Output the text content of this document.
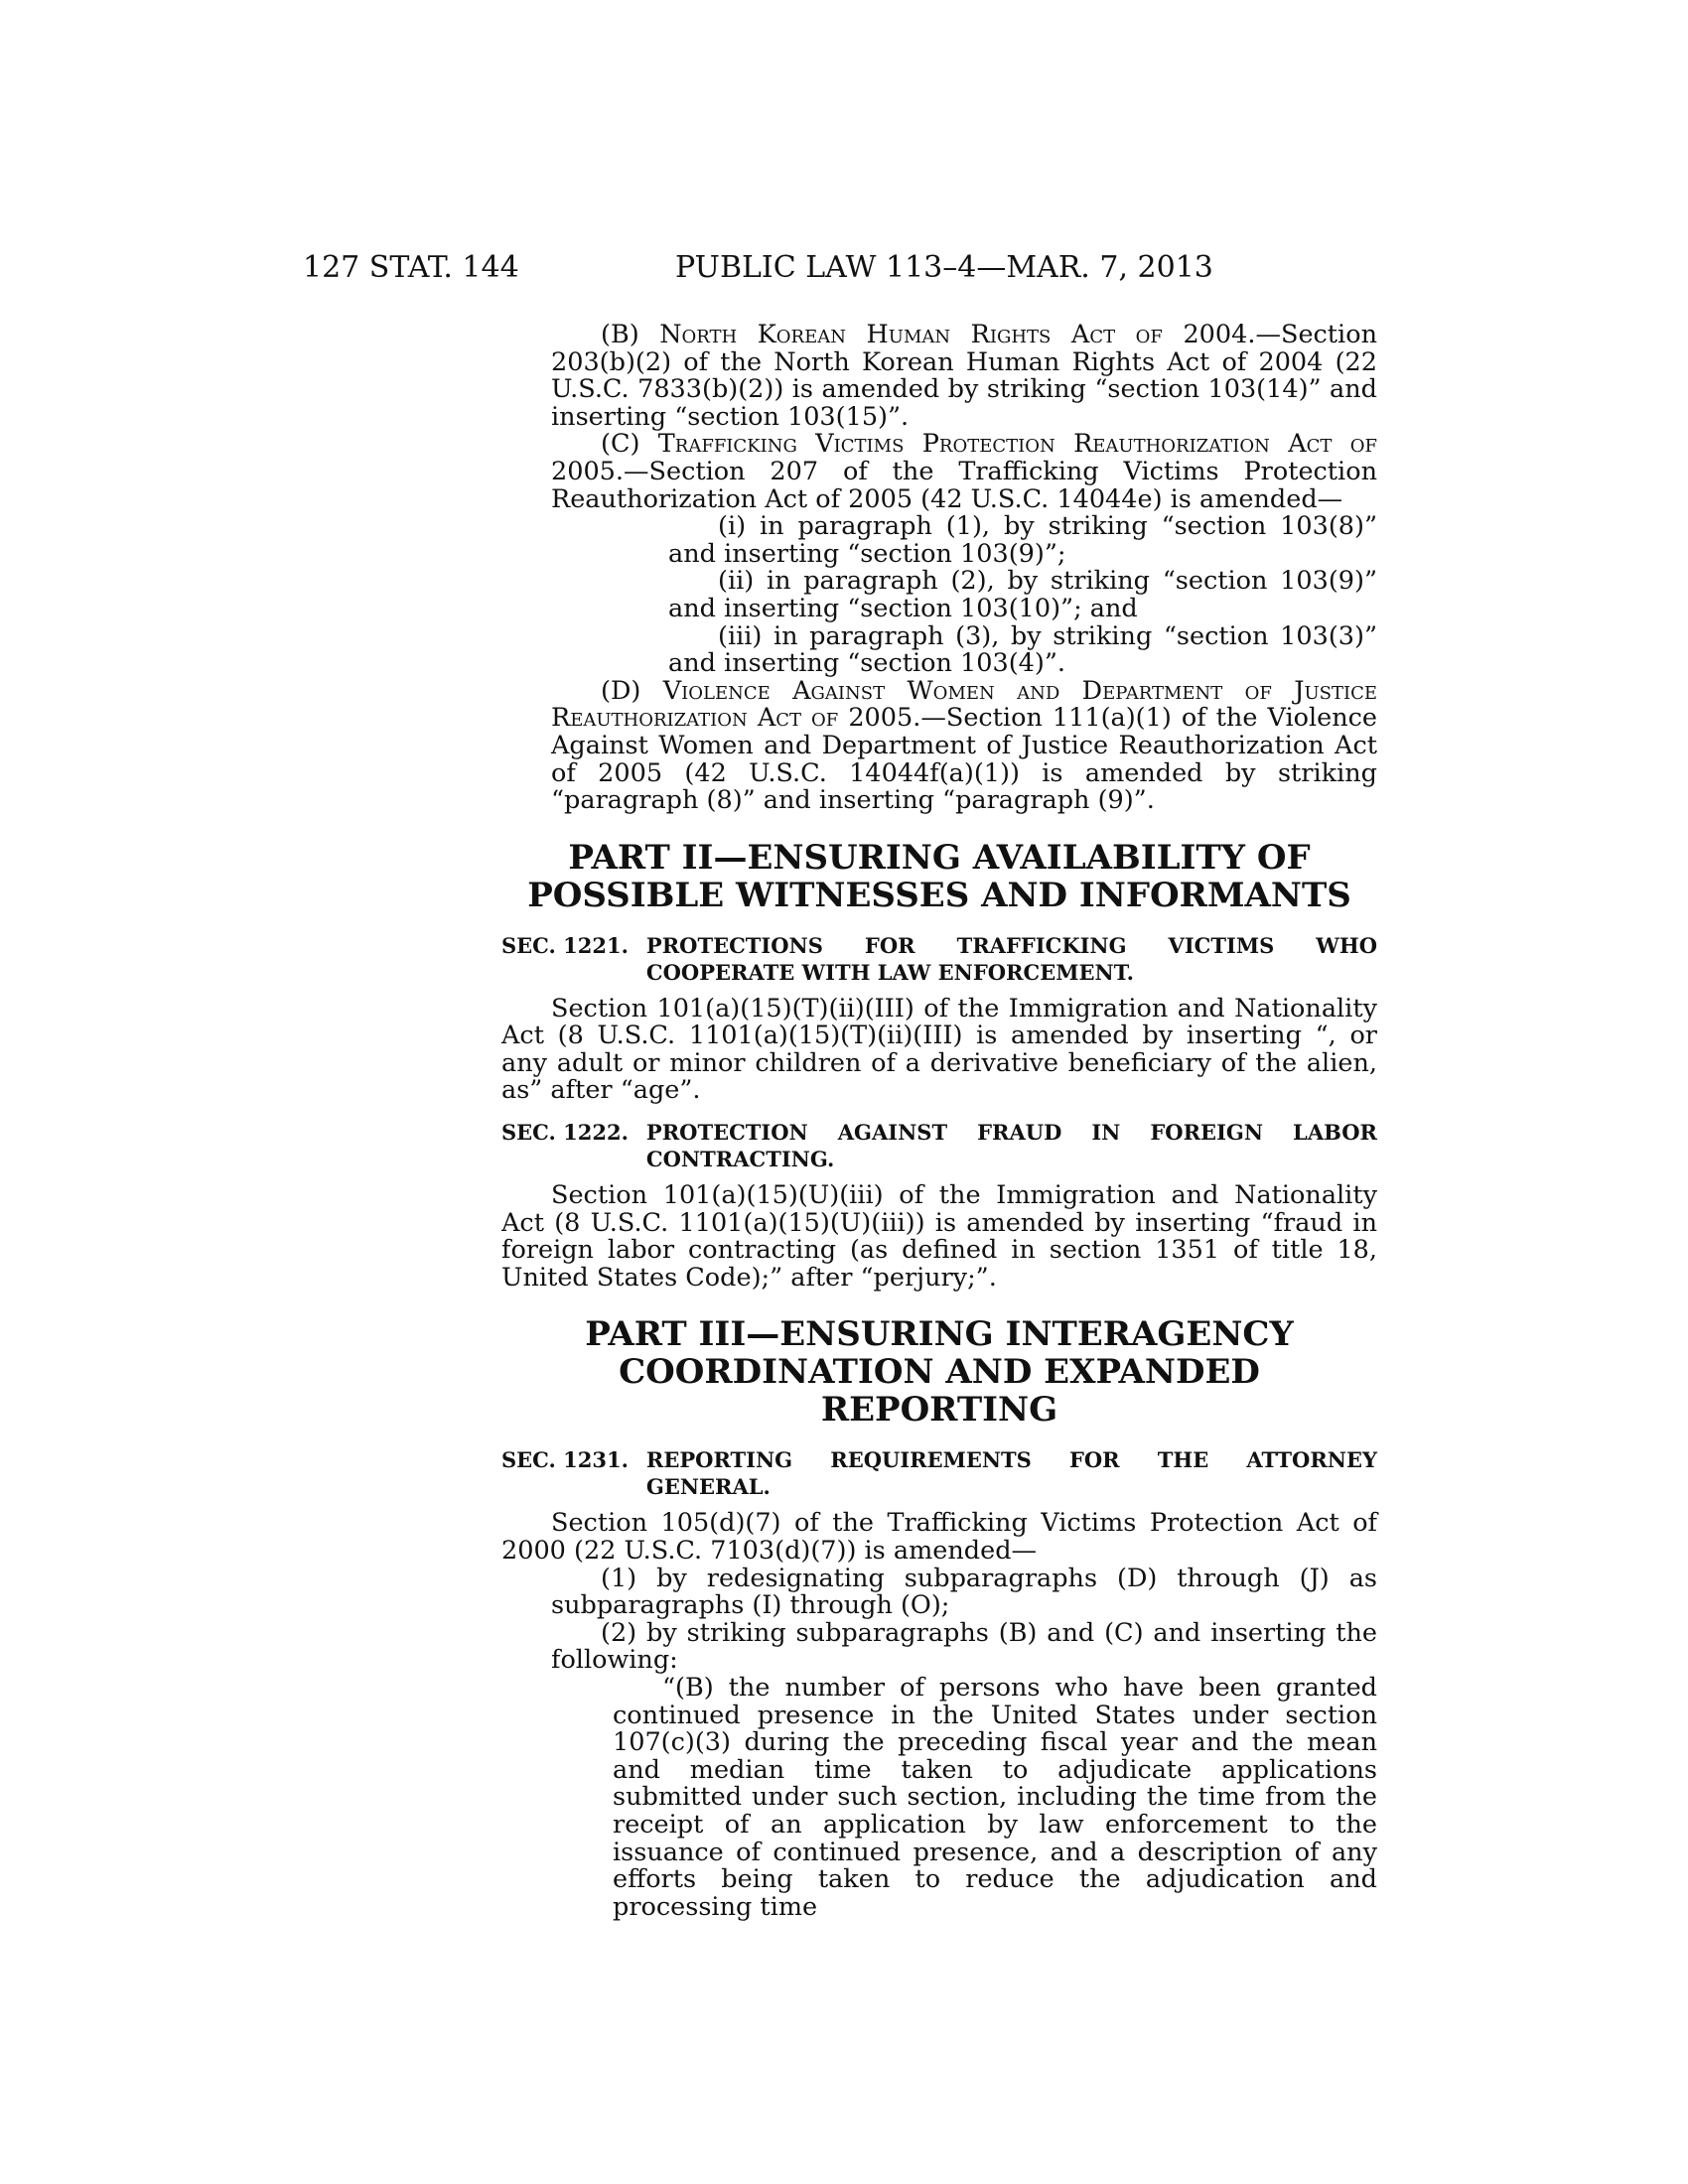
127 STAT. 144	PUBLIC LAW 113–4—MAR. 7, 2013

(B) North Korean Human Rights Act of 2004.—Section 203(b)(2) of the North Korean Human Rights Act of 2004 (22 U.S.C. 7833(b)(2)) is amended by striking “section 103(14)” and inserting “section 103(15)”.

(C) Trafficking Victims Protection Reauthorization Act of 2005.—Section 207 of the Trafficking Victims Protection Reauthorization Act of 2005 (42 U.S.C. 14044e) is amended—

(i) in paragraph (1), by striking “section 103(8)” and inserting “section 103(9)”;

(ii) in paragraph (2), by striking “section 103(9)” and inserting “section 103(10)”; and

(iii) in paragraph (3), by striking “section 103(3)” and inserting “section 103(4)”.

(D) Violence Against Women and Department of Justice Reauthorization Act of 2005.—Section 111(a)(1) of the Violence Against Women and Department of Justice Reauthorization Act of 2005 (42 U.S.C. 14044f(a)(1)) is amended by striking “paragraph (8)” and inserting “paragraph (9)”.

PART II—ENSURING AVAILABILITY OF
POSSIBLE WITNESSES AND INFORMANTS
SEC. 1221. PROTECTIONS FOR TRAFFICKING VICTIMS WHO COOPERATE WITH LAW ENFORCEMENT.

Section 101(a)(15)(T)(ii)(III) of the Immigration and Nationality Act (8 U.S.C. 1101(a)(15)(T)(ii)(III) is amended by inserting “, or any adult or minor children of a derivative beneficiary of the alien, as” after “age”.

SEC. 1222. PROTECTION AGAINST FRAUD IN FOREIGN LABOR CONTRACTING.

Section 101(a)(15)(U)(iii) of the Immigration and Nationality Act (8 U.S.C. 1101(a)(15)(U)(iii)) is amended by inserting “fraud in foreign labor contracting (as defined in section 1351 of title 18, United States Code);” after “perjury;”.

PART III—ENSURING INTERAGENCY
COORDINATION AND EXPANDED REPORTING
SEC. 1231. REPORTING REQUIREMENTS FOR THE ATTORNEY GENERAL.

Section 105(d)(7) of the Trafficking Victims Protection Act of 2000 (22 U.S.C. 7103(d)(7)) is amended—

(1) by redesignating subparagraphs (D) through (J) as subparagraphs (I) through (O);

(2) by striking subparagraphs (B) and (C) and inserting the following:

“(B) the number of persons who have been granted continued presence in the United States under section 107(c)(3) during the preceding fiscal year and the mean and median time taken to adjudicate applications submitted under such section, including the time from the receipt of an application by law enforcement to the issuance of continued presence, and a description of any efforts being taken to reduce the adjudication and processing time
